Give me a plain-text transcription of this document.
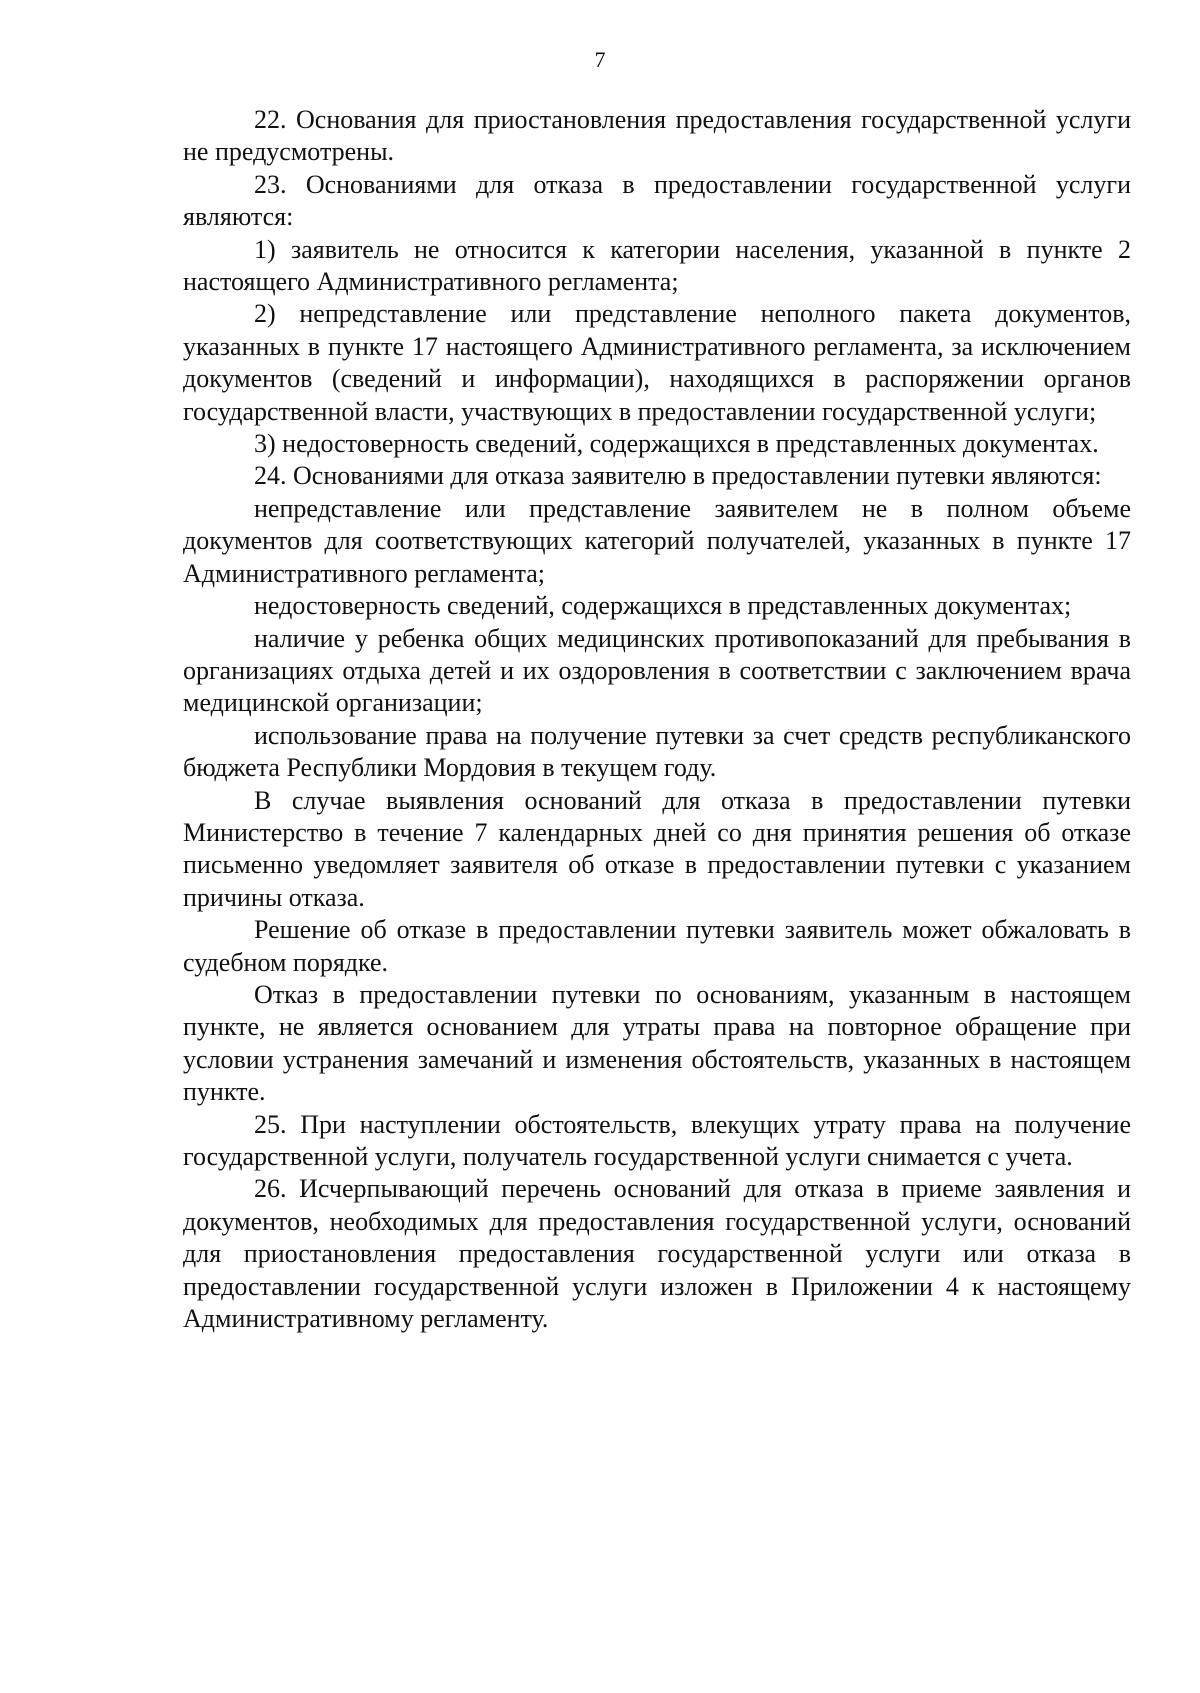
7

22. Основания для приостановления предоставления государственной услуги не предусмотрены.

23. Основаниями для отказа в предоставлении государственной услуги являются:

1) заявитель не относится к категории населения, указанной в пункте 2 настоящего Административного регламента;

2) непредставление или представление неполного пакета документов, указанных в пункте 17 настоящего Административного регламента, за исключением документов (сведений и информации), находящихся в распоряжении органов государственной власти, участвующих в предоставлении государственной услуги;

3) недостоверность сведений, содержащихся в представленных документах.

24. Основаниями для отказа заявителю в предоставлении путевки являются:

непредставление или представление заявителем не в полном объеме документов для соответствующих категорий получателей, указанных в пункте 17 Административного регламента;

недостоверность сведений, содержащихся в представленных документах;

наличие у ребенка общих медицинских противопоказаний для пребывания в организациях отдыха детей и их оздоровления в соответствии с заключением врача медицинской организации;

использование права на получение путевки за счет средств республиканского бюджета Республики Мордовия в текущем году.

В случае выявления оснований для отказа в предоставлении путевки Министерство в течение 7 календарных дней со дня принятия решения об отказе письменно уведомляет заявителя об отказе в предоставлении путевки с указанием причины отказа.

Решение об отказе в предоставлении путевки заявитель может обжаловать в судебном порядке.

Отказ в предоставлении путевки по основаниям, указанным в настоящем пункте, не является основанием для утраты права на повторное обращение при условии устранения замечаний и изменения обстоятельств, указанных в настоящем пункте.

25. При наступлении обстоятельств, влекущих утрату права на получение государственной услуги, получатель государственной услуги снимается с учета.

26. Исчерпывающий перечень оснований для отказа в приеме заявления и документов, необходимых для предоставления государственной услуги, оснований для приостановления предоставления государственной услуги или отказа в предоставлении государственной услуги изложен в Приложении 4 к настоящему Административному регламенту.
